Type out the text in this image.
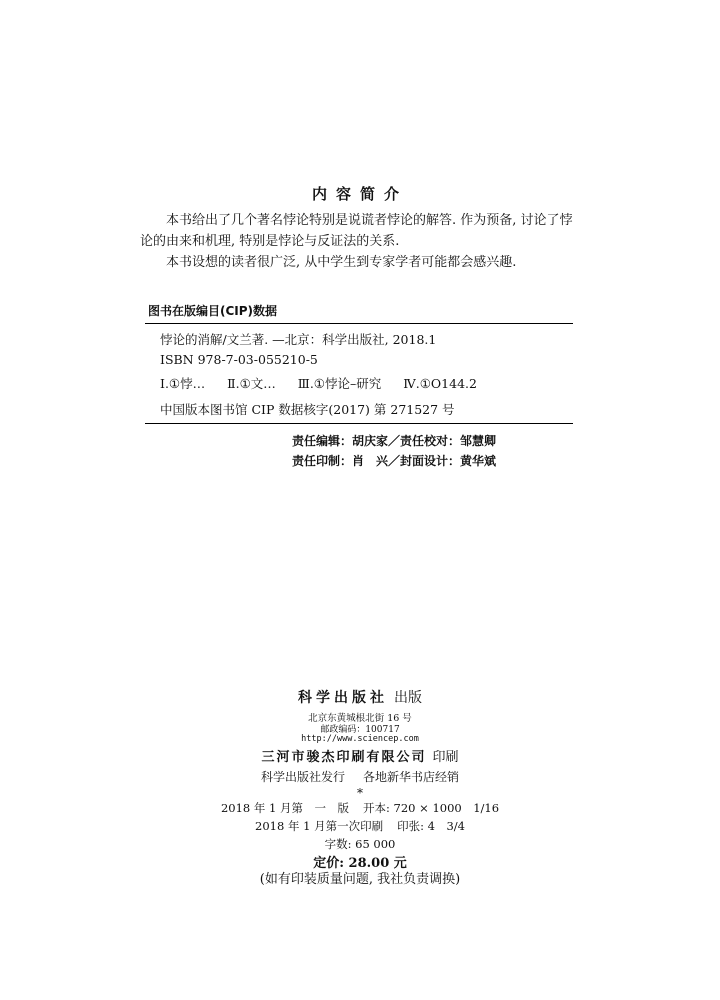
内容简介

本书给出了几个著名悖论特别是说谎者悖论的解答. 作为预备, 讨论了悖论的由来和机理, 特别是悖论与反证法的关系.

本书设想的读者很广泛, 从中学生到专家学者可能都会感兴趣.

图书在版编目(CIP)数据
悖论的消解/文兰著. —北京：科学出版社, 2018.1
ISBN 978-7-03-055210-5
Ⅰ.①悖… Ⅱ.①文… Ⅲ.①悖论–研究 Ⅳ.①O144.2
中国版本图书馆 CIP 数据核字(2017) 第 271527 号
责任编辑：胡庆家／责任校对：邹慧卿
责任印制：肖　兴／封面设计：黄华斌
科学出版社 出版
北京东黄城根北街 16 号
邮政编码：100717
http://www.sciencep.com
三河市骏杰印刷有限公司 印刷
科学出版社发行 各地新华书店经销
*
2018 年 1 月第　一　版 开本: 720 × 1000　1/16
2018 年 1 月第一次印刷 印张: 4　3/4
字数: 65 000
定价: 28.00 元
(如有印装质量问题, 我社负责调换)
